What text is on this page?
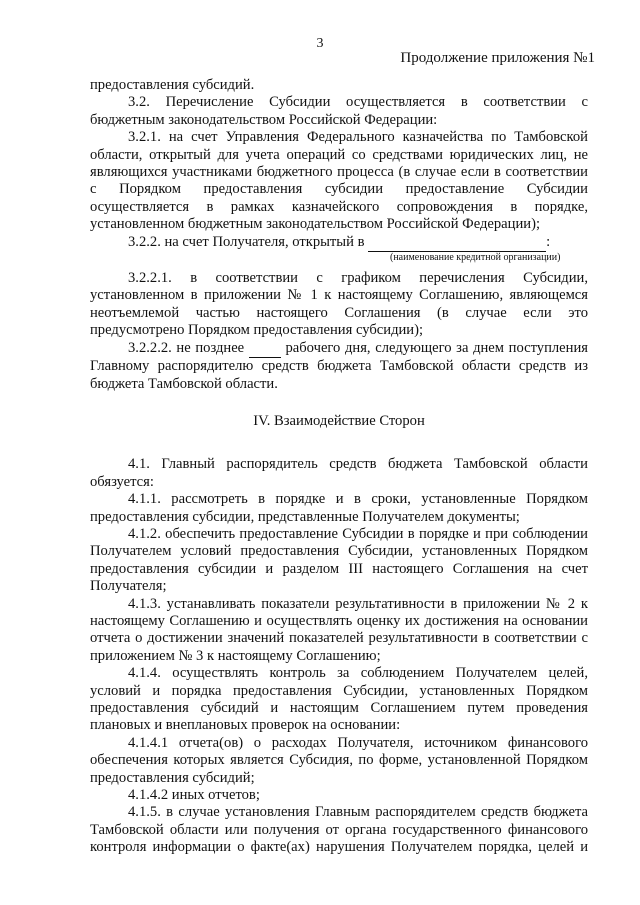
3
Продолжение приложения №1

предоставления субсидий.

3.2. Перечисление Субсидии осуществляется в соответствии с бюджетным законодательством Российской Федерации:

3.2.1. на счет Управления Федерального казначейства по Тамбовской области, открытый для учета операций со средствами юридических лиц, не являющихся участниками бюджетного процесса (в случае если в соответствии с Порядком предоставления субсидии предоставление Субсидии осуществляется в рамках казначейского сопровождения в порядке, установленном бюджетным законодательством Российской Федерации);

3.2.2. на счет Получателя, открытый в	:

(наименование кредитной организации)

3.2.2.1. в соответствии с графиком перечисления Субсидии, установленном в приложении № 1 к настоящему Соглашению, являющемся неотъемлемой частью настоящего Соглашения (в случае если это предусмотрено Порядком предоставления субсидии);

3.2.2.2. не позднее	рабочего дня, следующего за днем поступления Главному распорядителю средств бюджета Тамбовской области средств из бюджета Тамбовской области.

IV. Взаимодействие Сторон

4.1. Главный распорядитель средств бюджета Тамбовской области обязуется:

4.1.1. рассмотреть в порядке и в сроки, установленные Порядком предоставления субсидии, представленные Получателем документы;

4.1.2. обеспечить предоставление Субсидии в порядке и при соблюдении Получателем условий предоставления Субсидии, установленных Порядком предоставления субсидии и разделом III настоящего Соглашения на счет Получателя;

4.1.3. устанавливать показатели результативности в приложении № 2 к настоящему Соглашению и осуществлять оценку их достижения на основании отчета о достижении значений показателей результативности в соответствии с приложением № 3 к настоящему Соглашению;

4.1.4. осуществлять контроль за соблюдением Получателем целей, условий и порядка предоставления Субсидии, установленных Порядком предоставления субсидий и настоящим Соглашением путем проведения плановых и внеплановых проверок на основании:

4.1.4.1 отчета(ов) о расходах Получателя, источником финансового обеспечения которых является Субсидия, по форме, установленной Порядком предоставления субсидий;

4.1.4.2 иных отчетов;

4.1.5. в случае установления Главным распорядителем средств бюджета Тамбовской области или получения от органа государственного финансового контроля информации о факте(ах) нарушения Получателем порядка, целей и
